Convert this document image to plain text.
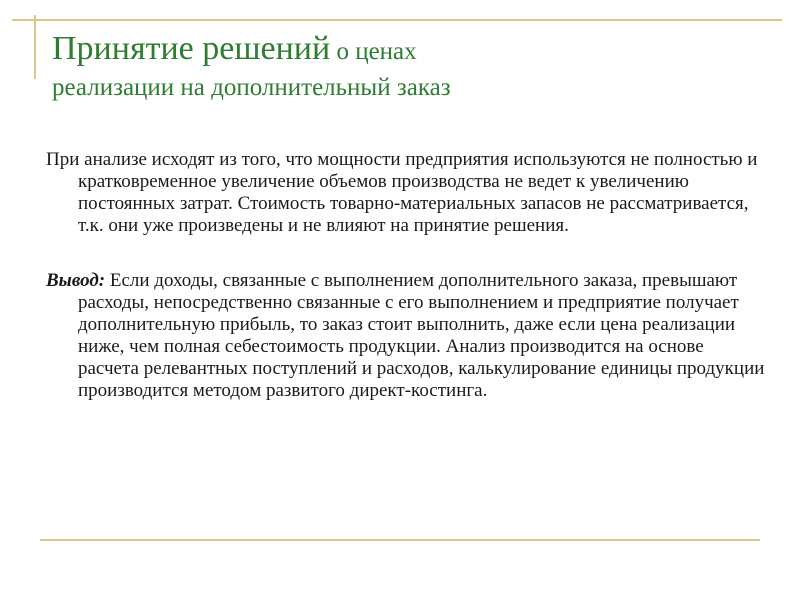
Принятие решений о ценах
реализации на дополнительный заказ

При анализе исходят из того, что мощности предприятия используются не полностью и кратковременное увеличение объемов производства не ведет к увеличению постоянных затрат. Стоимость товарно-материальных запасов не рассматривается, т.к. они уже произведены и не влияют на принятие решения.

Вывод: Если доходы, связанные с выполнением дополнительного заказа, превышают расходы, непосредственно связанные с его выполнением и предприятие получает дополнительную прибыль, то заказ стоит выполнить, даже если цена реализации ниже, чем полная себестоимость продукции. Анализ производится на основе расчета релевантных поступлений и расходов, калькулирование единицы продукции производится методом развитого директ-костинга.
